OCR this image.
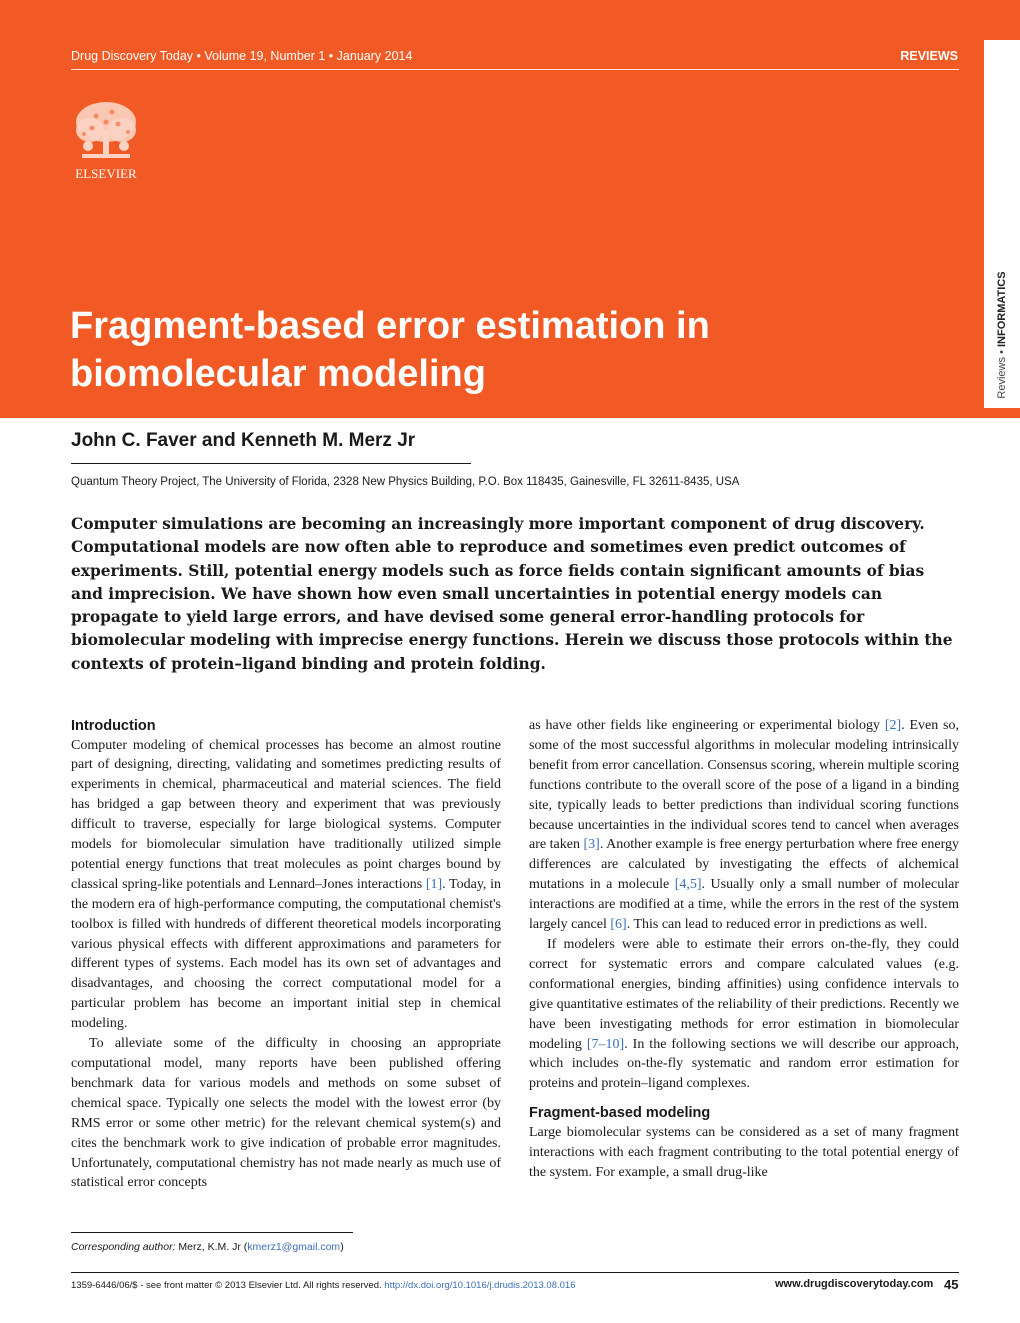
Reviews • INFORMATICS
Drug Discovery Today • Volume 19, Number 1 • January 2014	REVIEWS
ELSEVIER
Fragment-based error estimation in biomolecular modeling
John C. Faver and Kenneth M. Merz Jr
Quantum Theory Project, The University of Florida, 2328 New Physics Building, P.O. Box 118435, Gainesville, FL 32611-8435, USA

Computer simulations are becoming an increasingly more important component of drug discovery. Computational models are now often able to reproduce and sometimes even predict outcomes of experiments. Still, potential energy models such as force fields contain significant amounts of bias and imprecision. We have shown how even small uncertainties in potential energy models can propagate to yield large errors, and have devised some general error-handling protocols for biomolecular modeling with imprecise energy functions. Herein we discuss those protocols within the contexts of protein–ligand binding and protein folding.

Introduction

Computer modeling of chemical processes has become an almost routine part of designing, directing, validating and sometimes predicting results of experiments in chemical, pharmaceutical and material sciences. The field has bridged a gap between theory and experiment that was previously difficult to traverse, especially for large biological systems. Computer models for biomolecular simulation have traditionally utilized simple potential energy functions that treat molecules as point charges bound by classical spring-like potentials and Lennard–Jones interactions [1]. Today, in the modern era of high-performance computing, the computational chemist's toolbox is filled with hundreds of different theoretical models incorporating various physical effects with different approximations and parameters for different types of systems. Each model has its own set of advantages and disadvantages, and choosing the correct computational model for a particular problem has become an important initial step in chemical modeling.

To alleviate some of the difficulty in choosing an appropriate computational model, many reports have been published offering benchmark data for various models and methods on some subset of chemical space. Typically one selects the model with the lowest error (by RMS error or some other metric) for the relevant chemical system(s) and cites the benchmark work to give indication of probable error magnitudes. Unfortunately, computational chemistry has not made nearly as much use of statistical error concepts

as have other fields like engineering or experimental biology [2]. Even so, some of the most successful algorithms in molecular modeling intrinsically benefit from error cancellation. Consensus scoring, wherein multiple scoring functions contribute to the overall score of the pose of a ligand in a binding site, typically leads to better predictions than individual scoring functions because uncertainties in the individual scores tend to cancel when averages are taken [3]. Another example is free energy perturbation where free energy differences are calculated by investigating the effects of alchemical mutations in a molecule [4,5]. Usually only a small number of molecular interactions are modified at a time, while the errors in the rest of the system largely cancel [6]. This can lead to reduced error in predictions as well.

If modelers were able to estimate their errors on-the-fly, they could correct for systematic errors and compare calculated values (e.g. conformational energies, binding affinities) using confidence intervals to give quantitative estimates of the reliability of their predictions. Recently we have been investigating methods for error estimation in biomolecular modeling [7–10]. In the following sections we will describe our approach, which includes on-the-fly systematic and random error estimation for proteins and protein–ligand complexes.

Fragment-based modeling

Large biomolecular systems can be considered as a set of many fragment interactions with each fragment contributing to the total potential energy of the system. For example, a small drug-like

Corresponding author: Merz, K.M. Jr (kmerz1@gmail.com)
1359-6446/06/$ - see front matter © 2013 Elsevier Ltd. All rights reserved. http://dx.doi.org/10.1016/j.drudis.2013.08.016	www.drugdiscoverytoday.com 45
